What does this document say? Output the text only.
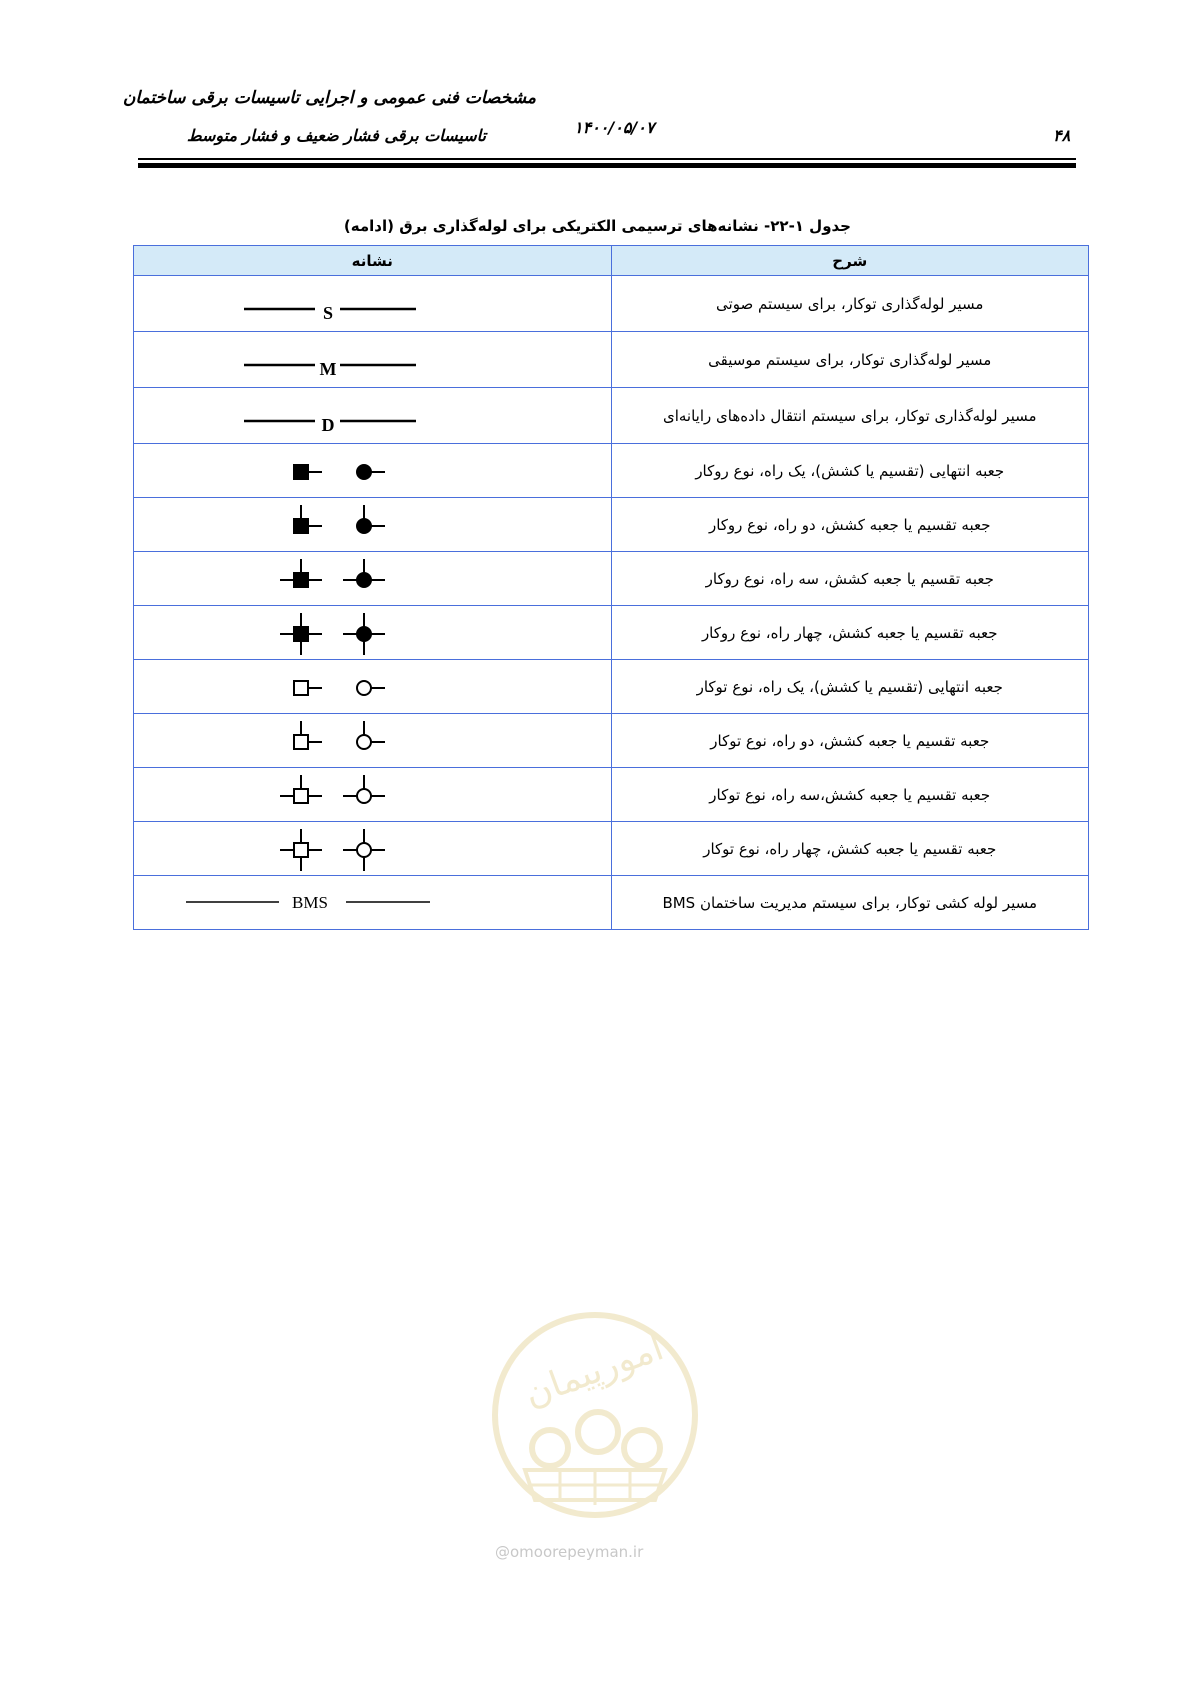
مشخصات فنی عمومی و اجرایی تاسیسات برقی ساختمان
تاسیسات برقی فشار ضعیف و فشار متوسط	۱۴۰۰/۰۵/۰۷	۴۸
جدول ۱-۲۲- نشانه‌های ترسیمی الکتریکی برای لوله‌گذاری برق (ادامه)
نشانه	شرح

S	مسیر لوله‌گذاری توکار، برای سیستم صوتی

M	مسیر لوله‌گذاری توکار، برای سیستم موسیقی

D	مسیر لوله‌گذاری توکار، برای سیستم انتقال داده‌های رایانه‌ای

	جعبه انتهایی (تقسیم یا کشش)، یک راه، نوع روکار

	جعبه تقسیم یا جعبه کشش، دو راه، نوع روکار

	جعبه تقسیم یا جعبه کشش، سه راه، نوع روکار

	جعبه تقسیم یا جعبه کشش، چهار راه، نوع روکار

	جعبه انتهایی (تقسیم یا کشش)، یک راه، نوع توکار

	جعبه تقسیم یا جعبه کشش، دو راه، نوع توکار

	جعبه تقسیم یا جعبه کشش،سه راه، نوع توکار

	جعبه تقسیم یا جعبه کشش، چهار راه، نوع توکار

BMS	مسیر لوله کشی توکار، برای سیستم مدیریت ساختمان BMS
امورپیمان
@omoorepeyman.ir
